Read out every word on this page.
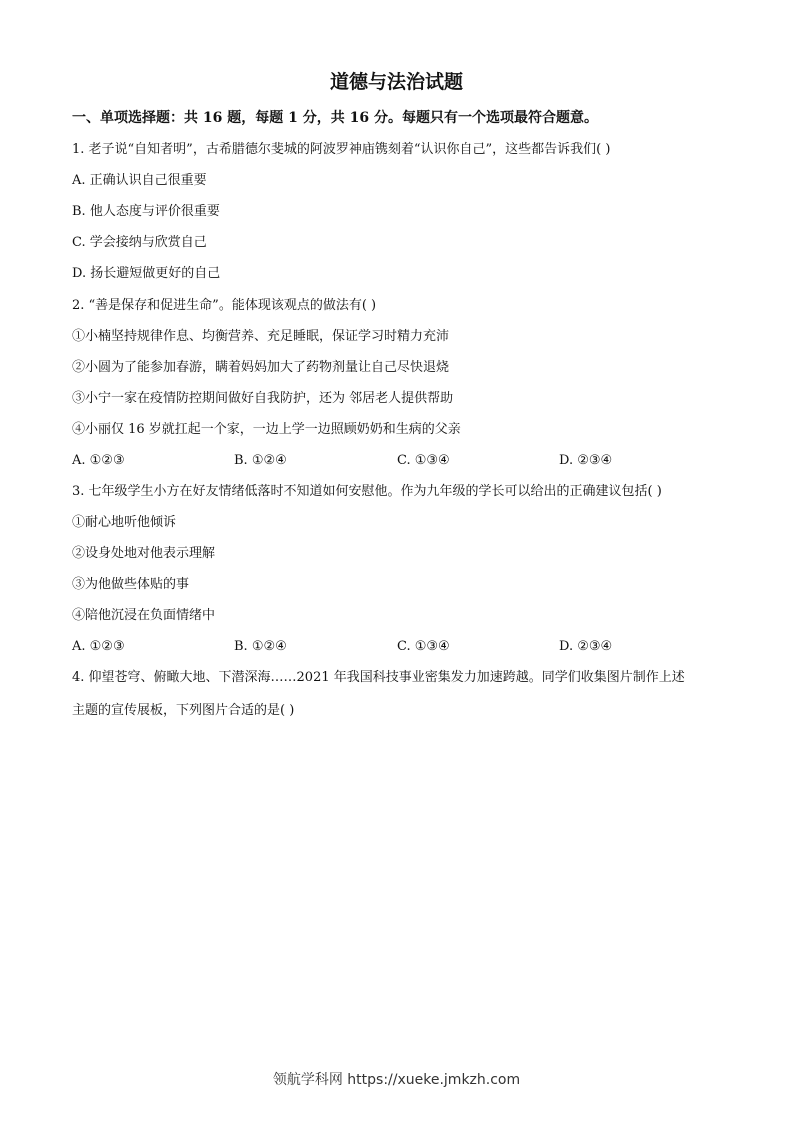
道德与法治试题
一、单项选择题：共 16 题，每题 1 分，共 16 分。每题只有一个选项最符合题意。
1. 老子说“自知者明”，古希腊德尔斐城的阿波罗神庙镌刻着“认识你自己”，这些都告诉我们( )
A. 正确认识自己很重要
B. 他人态度与评价很重要
C. 学会接纳与欣赏自己
D. 扬长避短做更好的自己
2. “善是保存和促进生命”。能体现该观点的做法有( )
①小楠坚持规律作息、均衡营养、充足睡眠，保证学习时精力充沛
②小圆为了能参加春游，瞒着妈妈加大了药物剂量让自己尽快退烧
③小宁一家在疫情防控期间做好自我防护，还为 邻居老人提供帮助
④小丽仅 16 岁就扛起一个家，一边上学一边照顾奶奶和生病的父亲
A. ①②③	B. ①②④	C. ①③④	D. ②③④
3. 七年级学生小方在好友情绪低落时不知道如何安慰他。作为九年级的学长可以给出的正确建议包括( )
①耐心地听他倾诉
②设身处地对他表示理解
③为他做些体贴的事
④陪他沉浸在负面情绪中
A. ①②③	B. ①②④	C. ①③④	D. ②③④
4. 仰望苍穹、俯瞰大地、下潜深海……2021 年我国科技事业密集发力加速跨越。同学们收集图片制作上述
主题的宣传展板，下列图片合适的是( )
领航学科网 https://xueke.jmkzh.com
